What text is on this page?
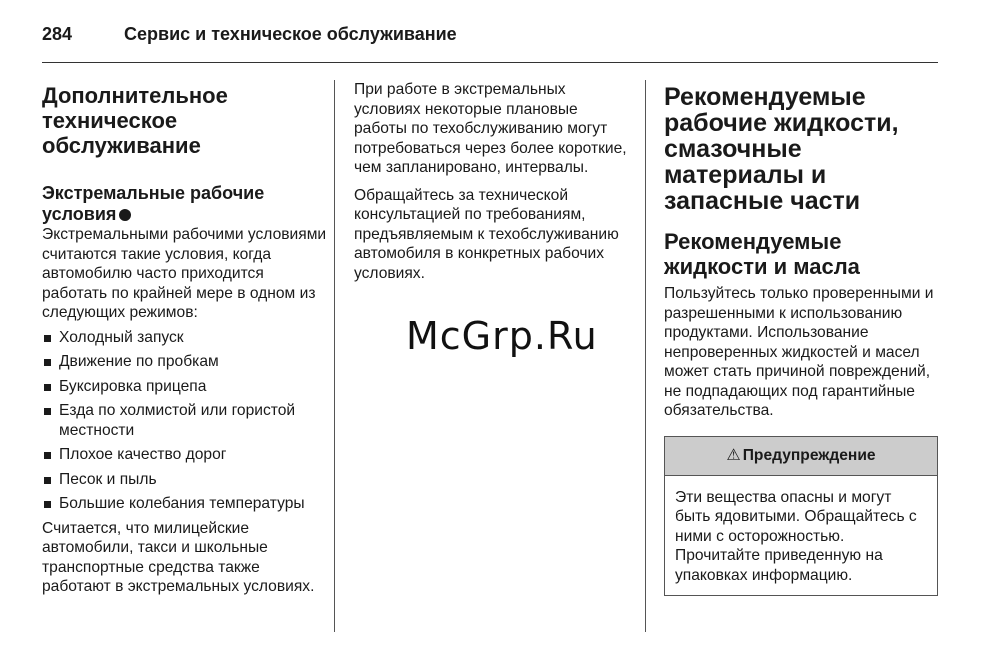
284	Сервис и техническое обслуживание
Дополнительное техническое обслуживание
Экстремальные рабочие условия

Экстремальными рабочими условиями считаются такие условия, когда автомобилю часто приходится работать по крайней мере в одном из следующих режимов:

Холодный запуск
Движение по пробкам
Буксировка прицепа
Езда по холмистой или гористой местности
Плохое качество дорог
Песок и пыль
Большие колебания температуры

Считается, что милицейские автомобили, такси и школьные транспортные средства также работают в экстремальных условиях.

При работе в экстремальных условиях некоторые плановые работы по техобслуживанию могут потребоваться через более короткие, чем запланировано, интервалы.

Обращайтесь за технической консультацией по требованиям, предъявляемым к техобслуживанию автомобиля в конкретных рабочих условиях.

Рекомендуемые рабочие жидкости, смазочные материалы и запасные части
Рекомендуемые жидкости и масла

Пользуйтесь только проверенными и разрешенными к использованию продуктами. Использование непроверенных жидкостей и масел может стать причиной повреждений, не подпадающих под гарантийные обязательства.

⚠ Предупреждение
Эти вещества опасны и могут быть ядовитыми. Обращайтесь с ними с осторожностью. Прочитайте приведенную на упаковках информацию.
McGrp.Ru
